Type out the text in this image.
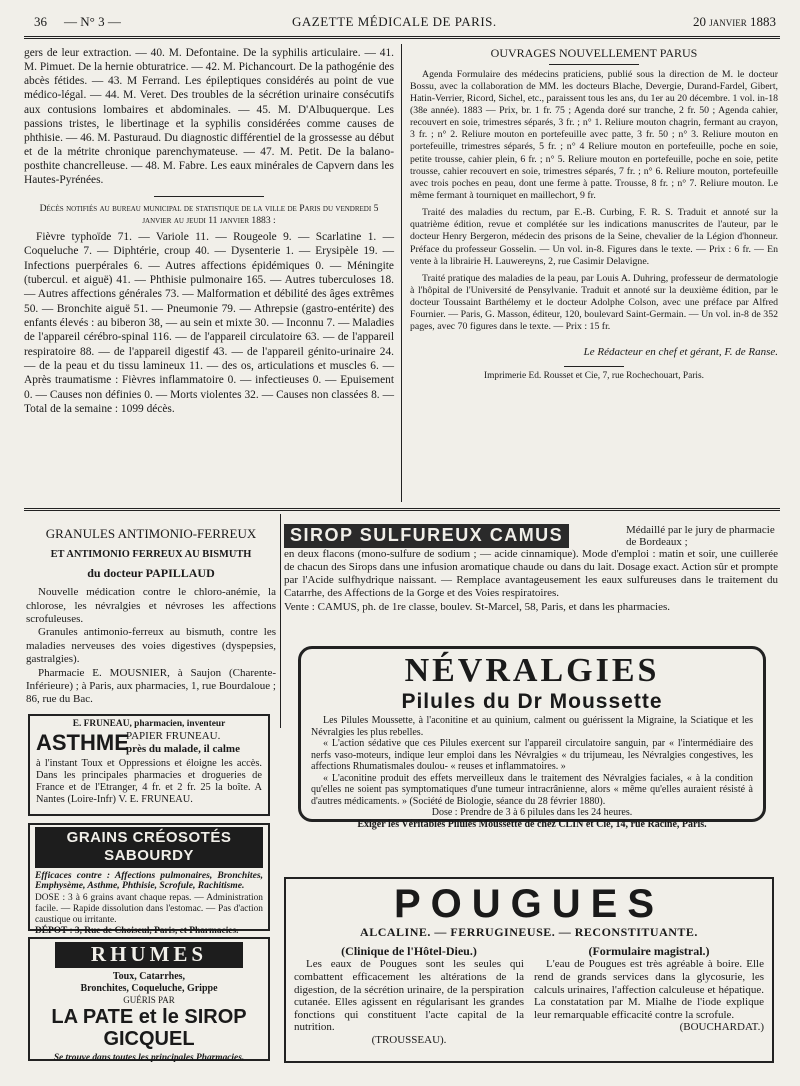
36 — N° 3 —	GAZETTE MÉDICALE DE PARIS.	20 janvier 1883

gers de leur extraction. — 40. M. Defontaine. De la syphilis articulaire. — 41. M. Pimuet. De la hernie obturatrice. — 42. M. Pichancourt. De la pathogénie des abcès fétides. — 43. M Ferrand. Les épileptiques considérés au point de vue médico-légal. — 44. M. Veret. Des troubles de la sécrétion urinaire consécutifs aux contusions lombaires et abdominales. — 45. M. D'Albuquerque. Les passions tristes, le libertinage et la syphilis considérées comme causes de phthisie. — 46. M. Pasturaud. Du diagnostic différentiel de la grossesse au début et de la métrite chronique parenchymateuse. — 47. M. Petit. De la balano-posthite chancrelleuse. — 48. M. Fabre. Les eaux minérales de Capvern dans les Hautes-Pyrénées.

Décès notifiés au bureau municipal de statistique de la ville de Paris du vendredi 5 janvier au jeudi 11 janvier 1883 :

Fièvre typhoïde 71. — Variole 11. — Rougeole 9. — Scarlatine 1. — Coqueluche 7. — Diphtérie, croup 40. — Dysenterie 1. — Erysipèle 19. — Infections puerpérales 6. — Autres affections épidémiques 0. — Méningite (tubercul. et aiguë) 41. — Phthisie pulmonaire 165. — Autres tuberculoses 18. — Autres affections générales 73. — Malformation et débilité des âges extrêmes 50. — Bronchite aiguë 51. — Pneumonie 79. — Athrepsie (gastro-entérite) des enfants élevés : au biberon 38, — au sein et mixte 30. — Inconnu 7. — Maladies de l'appareil cérébro-spinal 116. — de l'appareil circulatoire 63. — de l'appareil respiratoire 88. — de l'appareil digestif 43. — de l'appareil génito-urinaire 24. — de la peau et du tissu lamineux 11. — des os, articulations et muscles 6. — Après traumatisme : Fièvres inflammatoire 0. — infectieuses 0. — Epuisement 0. — Causes non définies 0. — Morts violentes 32. — Causes non classées 8. — Total de la semaine : 1099 décès.

OUVRAGES NOUVELLEMENT PARUS

Agenda Formulaire des médecins praticiens, publié sous la direction de M. le docteur Bossu, avec la collaboration de MM. les docteurs Blache, Devergie, Durand-Fardel, Gibert, Hatin-Verrier, Ricord, Sichel, etc., paraissent tous les ans, du 1er au 20 décembre. 1 vol. in-18 (38e année). 1883 — Prix, br. 1 fr. 75 ; Agenda doré sur tranche, 2 fr. 50 ; Agenda cahier, recouvert en soie, trimestres séparés, 3 fr. ; n° 1. Reliure mouton chagrin, fermant au crayon, 3 fr. ; n° 2. Reliure mouton en portefeuille avec patte, 3 fr. 50 ; n° 3. Reliure mouton en portefeuille, trimestres séparés, 5 fr. ; n° 4 Reliure mouton en portefeuille, poche en soie, petite trousse, cahier plein, 6 fr. ; n° 5. Reliure mouton en portefeuille, poche en soie, petite trousse, cahier recouvert en soie, trimestres séparés, 7 fr. ; n° 6. Reliure mouton, portefeuille avec trois poches en peau, dont une ferme à patte. Trousse, 8 fr. ; n° 7. Reliure mouton. Le même fermant à tourniquet en maillechort, 9 fr.

Traité des maladies du rectum, par E.-B. Curbing, F. R. S. Traduit et annoté sur la quatrième édition, revue et complétée sur les indications manuscrites de l'auteur, par le docteur Henry Bergeron, médecin des prisons de la Seine, chevalier de la Légion d'honneur. Préface du professeur Gosselin. — Un vol. in-8. Figures dans le texte. — Prix : 6 fr. — En vente à la librairie H. Lauwereyns, 2, rue Casimir Delavigne.

Traité pratique des maladies de la peau, par Louis A. Duhring, professeur de dermatologie à l'hôpital de l'Université de Pensylvanie. Traduit et annoté sur la deuxième édition, par le docteur Toussaint Barthélemy et le docteur Adolphe Colson, avec une préface par Alfred Fournier. — Paris, G. Masson, éditeur, 120, boulevard Saint-Germain. — Un vol. in-8 de 352 pages, avec 70 figures dans le texte. — Prix : 15 fr.

Le Rédacteur en chef et gérant, F. de Ranse.
Imprimerie Ed. Rousset et Cie, 7, rue Rochechouart, Paris.
GRANULES ANTIMONIO-FERREUX
ET ANTIMONIO FERREUX AU BISMUTH
du docteur PAPILLAUD

Nouvelle médication contre le chloro-anémie, la chlorose, les névralgies et névroses les affections scrofuleuses.

Granules antimonio-ferreux au bismuth, contre les maladies nerveuses des voies digestives (dyspepsies, gastralgies).

Pharmacie E. MOUSNIER, à Saujon (Charente-Inférieure) ; à Paris, aux pharmacies, 1, rue Bourdaloue ; 86, rue du Bac.

E. FRUNEAU, pharmacien, inventeur
ASTHME
PAPIER FRUNEAU.
près du malade, il calme

à l'instant Toux et Oppressions et éloigne les accès. Dans les principales pharmacies et drogueries de France et de l'Etranger, 4 fr. et 2 fr. 25 la boîte. A Nantes (Loire-Infr) V. E. FRUNEAU.

GRAINS CRÉOSOTÉS SABOURDY

Efficaces contre : Affections pulmonaires, Bronchites, Emphysème, Asthme, Phthisie, Scrofule, Rachitisme.

DOSE : 3 à 6 grains avant chaque repas. — Administration facile. — Rapide dissolution dans l'estomac. — Pas d'action caustique ou irritante.

DÉPOT : 3, Rue de Choiseul, Paris, et Pharmacies.

RHUMES
Toux, Catarrhes,
Bronchites, Coqueluche, Grippe
GUÉRIS PAR
LA PATE et le SIROP GICQUEL
Se trouve dans toutes les principales Pharmacies.
SIROP SULFUREUX CAMUS	Médaillé par le jury de pharmacie de Bordeaux ;

en deux flacons (mono-sulfure de sodium ; — acide cinnamique). Mode d'emploi : matin et soir, une cuillerée de chacun des Sirops dans une infusion aromatique chaude ou dans du lait. Dosage exact. Action sûr et prompte par l'Acide sulfhydrique naissant. — Remplace avantageusement les eaux sulfureuses dans le traitement du Catarrhe, des Affections de la Gorge et des Voies respiratoires.

Vente : CAMUS, ph. de 1re classe, boulev. St-Marcel, 58, Paris, et dans les pharmacies.

NÉVRALGIES
Pilules du Dr Moussette

Les Pilules Moussette, à l'aconitine et au quinium, calment ou guérissent la Migraine, la Sciatique et les Névralgies les plus rebelles.

« L'action sédative que ces Pilules exercent sur l'appareil circulatoire sanguin, par « l'intermédiaire des nerfs vaso-moteurs, indique leur emploi dans les Névralgies « du trijumeau, les Névralgies congestives, les affections Rhumatismales doulou- « reuses et inflammatoires. »

« L'aconitine produit des effets merveilleux dans le traitement des Névralgies faciales, « à la condition qu'elles ne soient pas symptomatiques d'une tumeur intracrânienne, alors « même qu'elles auraient résisté à d'autres médicaments. » (Société de Biologie, séance du 28 février 1880).

Dose : Prendre de 3 à 6 pilules dans les 24 heures.
Exiger les Véritables Pilules Moussette de chez CLIN et Cie, 14, rue Racine, Paris.
POUGUES
ALCALINE. — FERRUGINEUSE. — RECONSTITUANTE.
(Clinique de l'Hôtel-Dieu.)

Les eaux de Pougues sont les seules qui combattent efficacement les altérations de la digestion, de la sécrétion urinaire, de la perspiration cutanée. Elles agissent en régularisant les grandes fonctions qui constituent l'acte capital de la nutrition.

(TROUSSEAU).
(Formulaire magistral.)

L'eau de Pougues est très agréable à boire. Elle rend de grands services dans la glycosurie, les calculs urinaires, l'affection calculeuse et hépatique. La constatation par M. Mialhe de l'iode explique leur remarquable efficacité contre la scrofule.

(BOUCHARDAT.)
